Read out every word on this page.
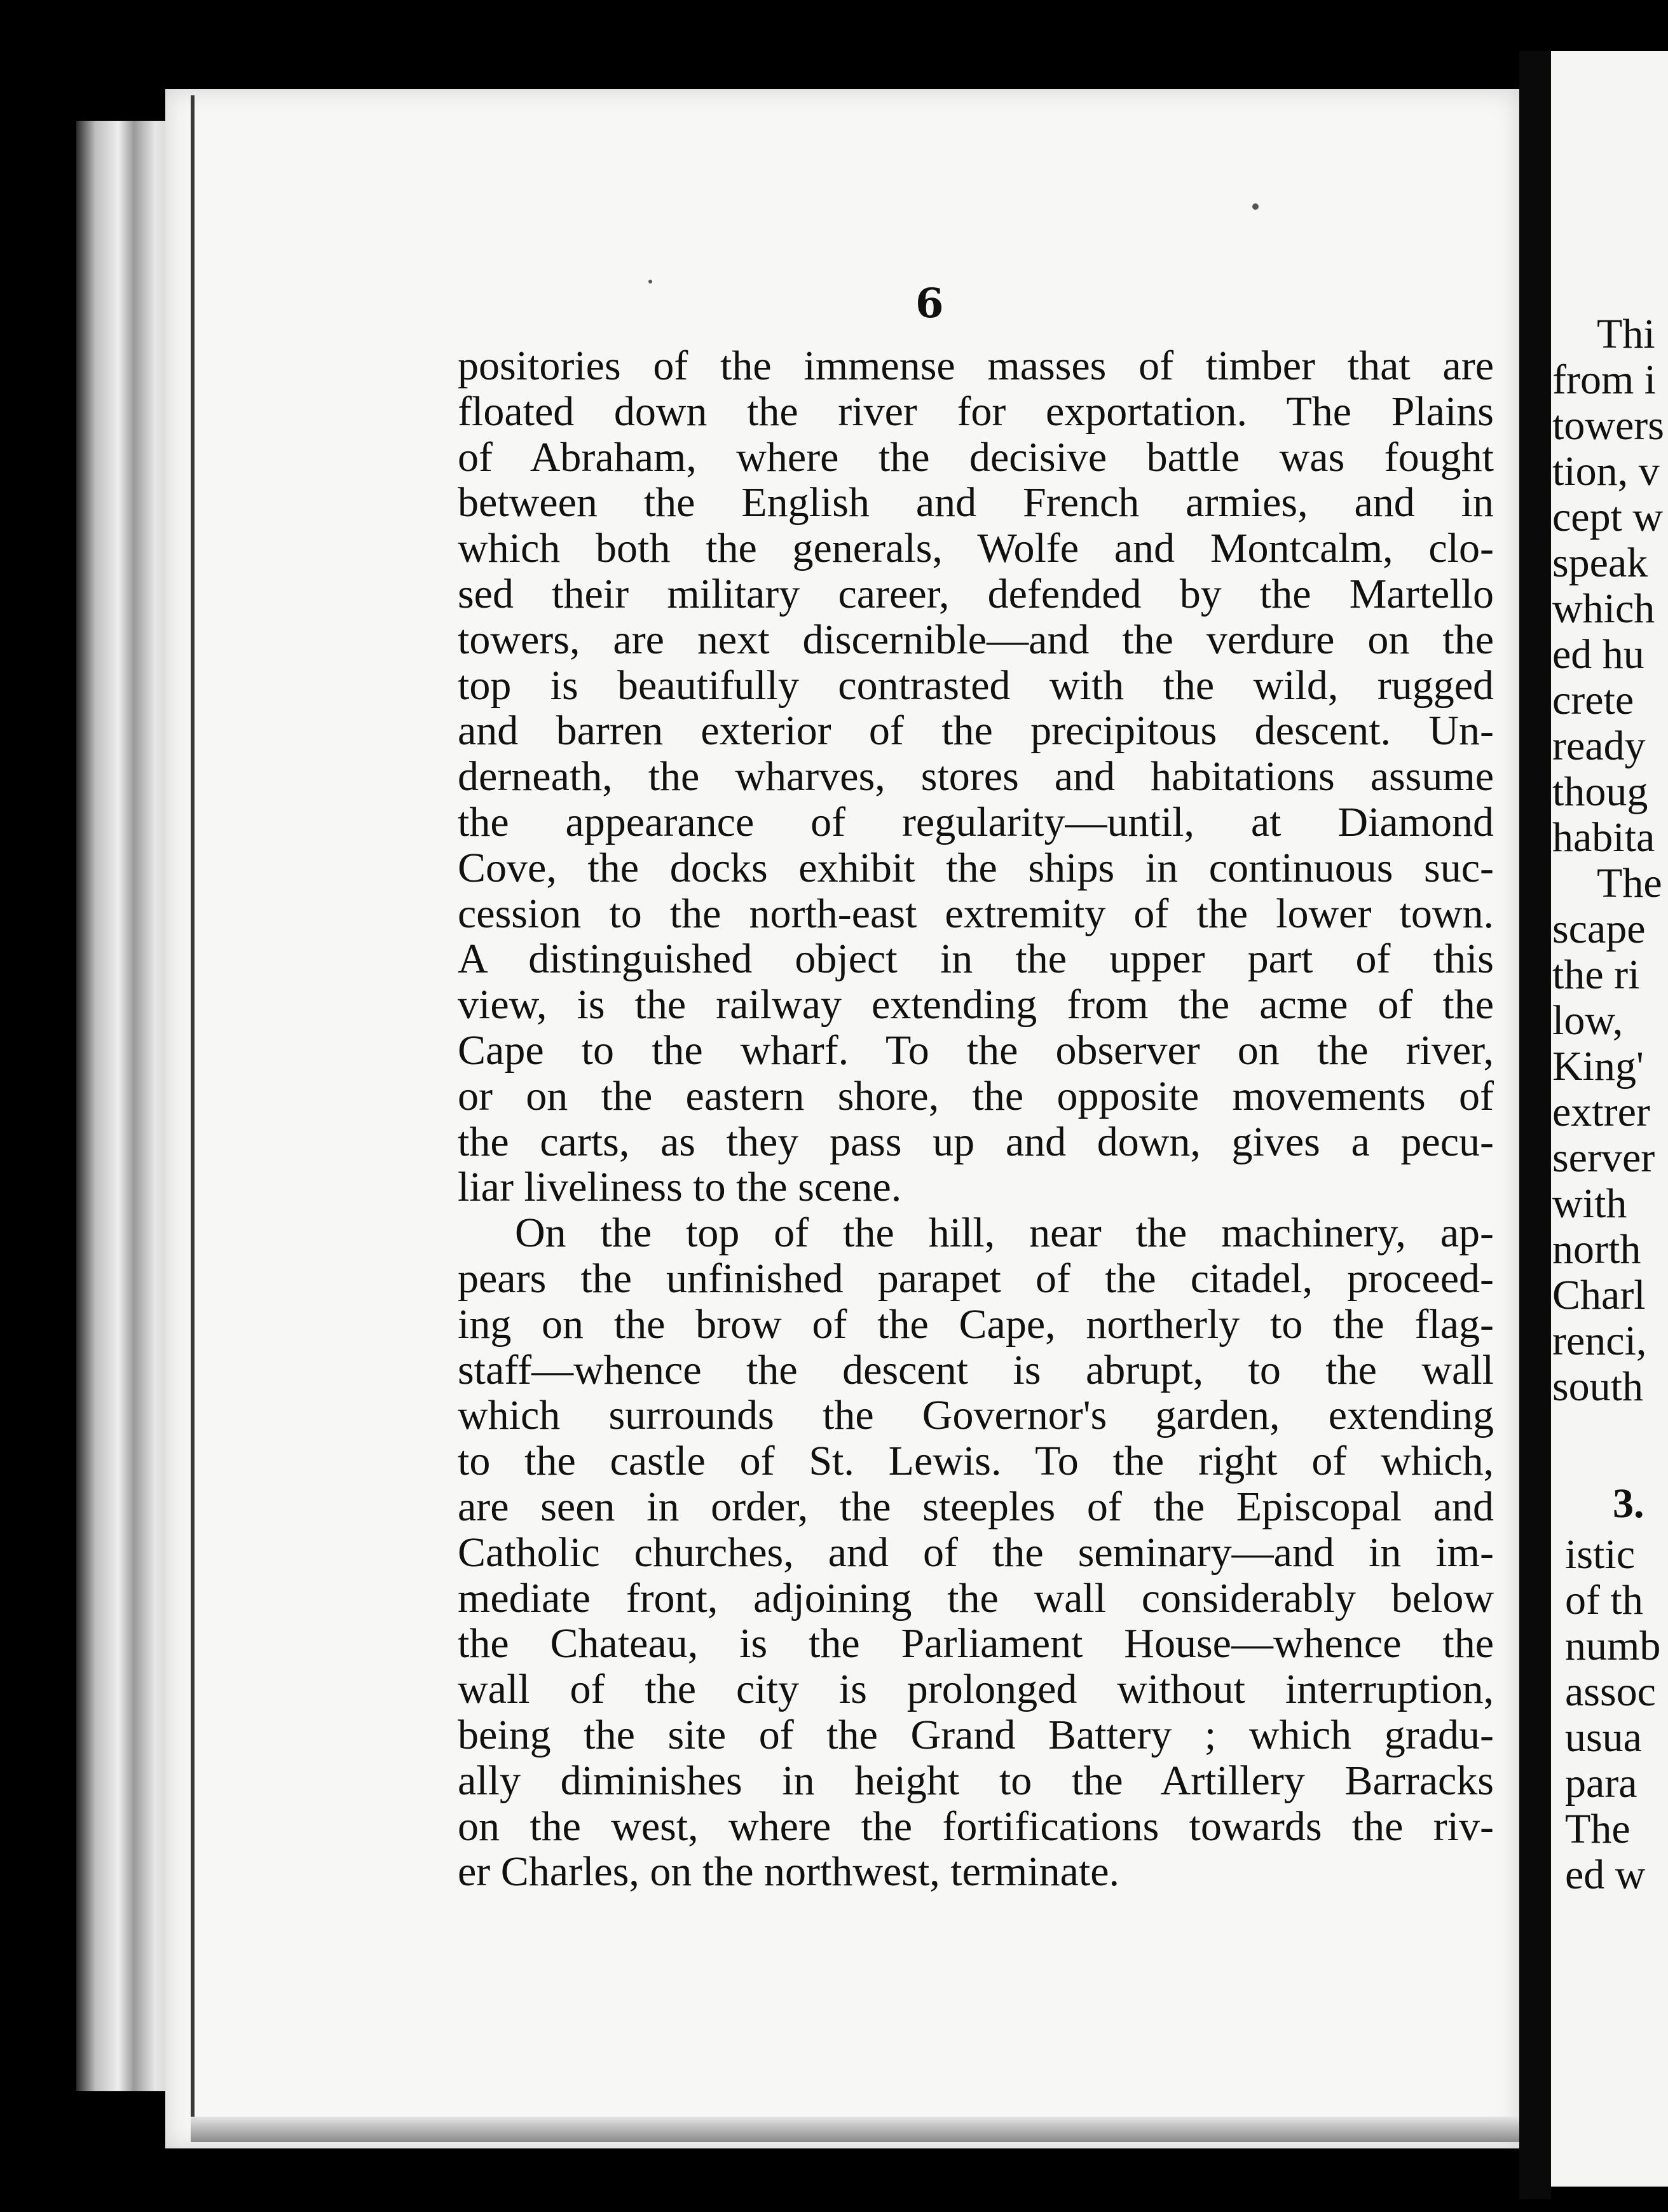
6
positories of the immense masses of timber that are
floated down the river for exportation. The Plains
of Abraham, where the decisive battle was fought
between the English and French armies, and in
which both the generals, Wolfe and Montcalm, clo-
sed their military career, defended by the Martello
towers, are next discernible—and the verdure on the
top is beautifully contrasted with the wild, rugged
and barren exterior of the precipitous descent. Un-
derneath, the wharves, stores and habitations assume
the appearance of regularity—until, at Diamond
Cove, the docks exhibit the ships in continuous suc-
cession to the north-east extremity of the lower town.
A distinguished object in the upper part of this
view, is the railway extending from the acme of the
Cape to the wharf. To the observer on the river,
or on the eastern shore, the opposite movements of
the carts, as they pass up and down, gives a pecu-
liar liveliness to the scene.
On the top of the hill, near the machinery, ap-
pears the unfinished parapet of the citadel, proceed-
ing on the brow of the Cape, northerly to the flag-
staff—whence the descent is abrupt, to the wall
which surrounds the Governor's garden, extending
to the castle of St. Lewis. To the right of which,
are seen in order, the steeples of the Episcopal and
Catholic churches, and of the seminary—and in im-
mediate front, adjoining the wall considerably below
the Chateau, is the Parliament House—whence the
wall of the city is prolonged without interruption,
being the site of the Grand Battery ; which gradu-
ally diminishes in height to the Artillery Barracks
on the west, where the fortifications towards the riv-
er Charles, on the northwest, terminate.
Thi
from i
towers
tion, v
cept w
speak
which
ed hu
crete
ready
thoug
habita
The
scape
the ri
low,
King'
extrer
server
with
north
Charl
renci,
south
3.
istic
of th
numb
assoc
usua
para
The
ed w
